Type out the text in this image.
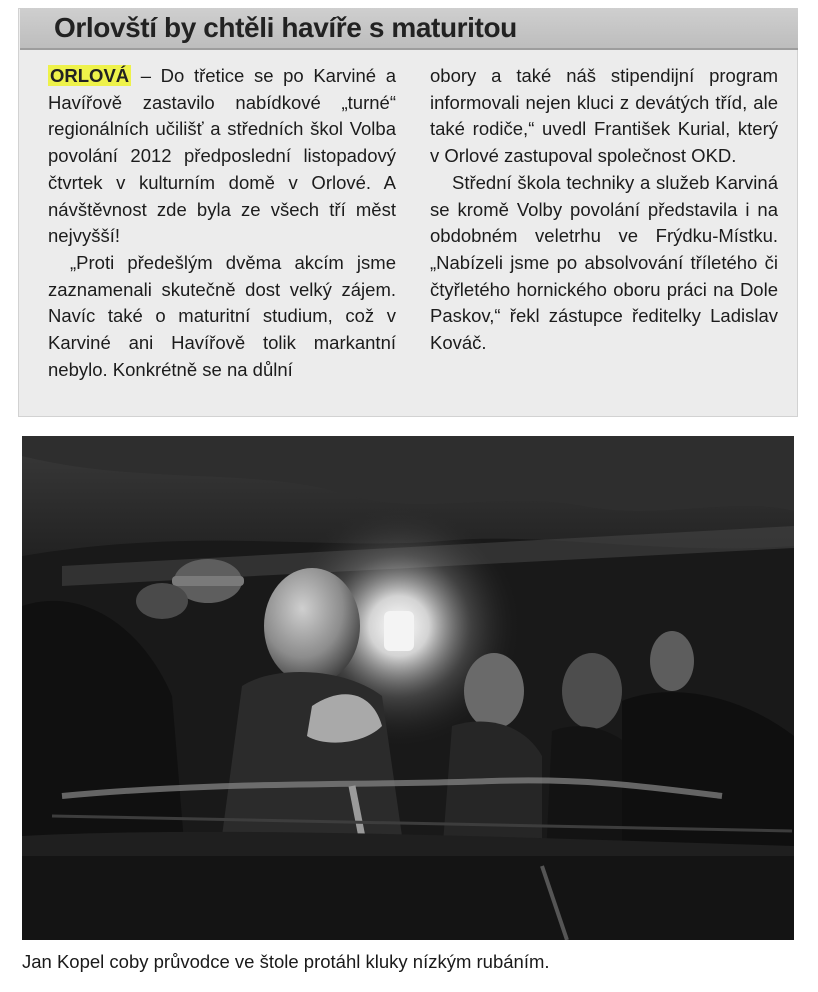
Orlovští by chtěli havíře s maturitou

ORLOVÁ – Do třetice se po Karviné a Havířově zastavilo nabídkové „turné“ regionálních učilišť a středních škol Volba povolání 2012 předposlední listopadový čtvrtek v kulturním domě v Orlové. A návštěvnost zde byla ze všech tří měst nejvyšší!

„Proti předešlým dvěma akcím jsme zaznamenali skutečně dost velký zájem. Navíc také o maturitní studium, což v Karviné ani Havířově tolik markantní nebylo. Konkrétně se na důlní

obory a také náš stipendijní program informovali nejen kluci z devátých tříd, ale také rodiče,“ uvedl František Kurial, který v Orlové zastupoval společnost OKD.

Střední škola techniky a služeb Karviná se kromě Volby povolání představila i na obdobném veletrhu ve Frýdku-Místku. „Nabízeli jsme po absolvování tříletého či čtyřletého hornického oboru práci na Dole Paskov,“ řekl zástupce ředitelky Ladislav Kováč.

Jan Kopel coby průvodce ve štole protáhl kluky nízkým rubáním.
